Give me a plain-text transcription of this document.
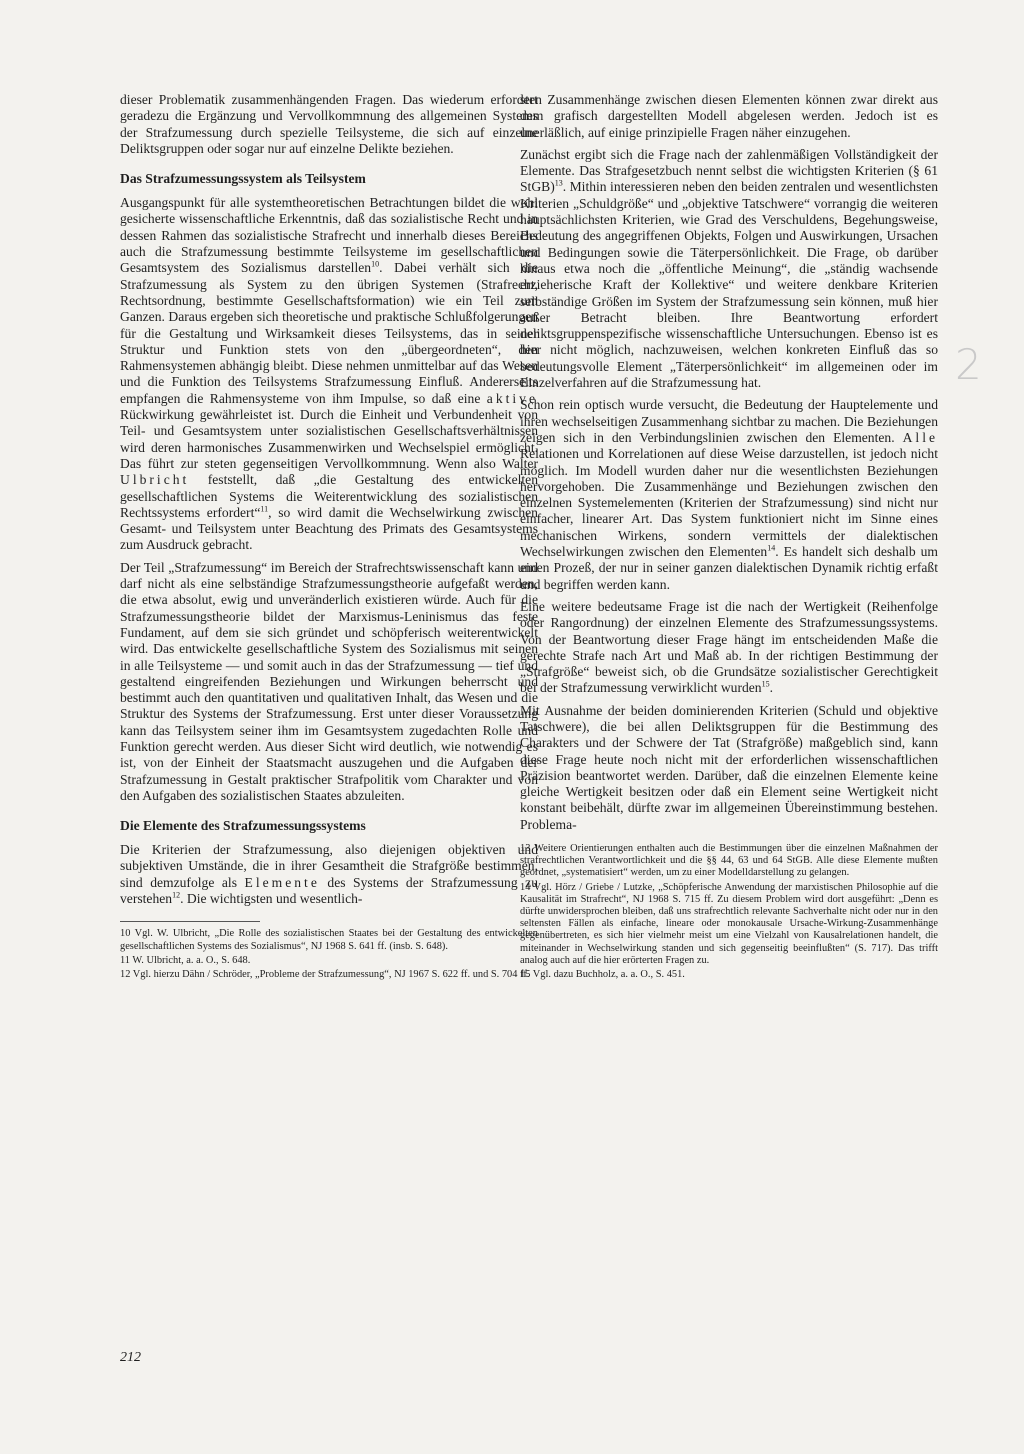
dieser Problematik zusammenhängenden Fragen. Das wiederum erfordert geradezu die Ergänzung und Vervollkommnung des allgemeinen Systems der Strafzumessung durch spezielle Teilsysteme, die sich auf einzelne Deliktsgruppen oder sogar nur auf einzelne Delikte beziehen.

Das Strafzumessungssystem als Teilsystem

Ausgangspunkt für alle systemtheoretischen Betrachtungen bildet die wohl gesicherte wissenschaftliche Erkenntnis, daß das sozialistische Recht und in dessen Rahmen das sozialistische Strafrecht und innerhalb dieses Bereichs auch die Strafzumessung bestimmte Teilsysteme im gesellschaftlichen Gesamtsystem des Sozialismus darstellen$^{10}$. Dabei verhält sich die Strafzumessung als System zu den übrigen Systemen (Strafrecht, Rechtsordnung, bestimmte Gesellschaftsformation) wie ein Teil zum Ganzen. Daraus ergeben sich theoretische und praktische Schlußfolgerungen für die Gestaltung und Wirksamkeit dieses Teilsystems, das in seiner Struktur und Funktion stets von den „übergeordneten“, den Rahmensystemen abhängig bleibt. Diese nehmen unmittelbar auf das Wesen und die Funktion des Teilsystems Strafzumessung Einfluß. Andererseits empfangen die Rahmensysteme von ihm Impulse, so daß eine aktive Rückwirkung gewährleistet ist. Durch die Einheit und Verbundenheit von Teil- und Gesamtsystem unter sozialistischen Gesellschaftsverhältnissen wird deren harmonisches Zusammenwirken und Wechselspiel ermöglicht. Das führt zur steten gegenseitigen Vervollkommnung. Wenn also Walter Ulbricht feststellt, daß „die Gestaltung des entwickelten gesellschaftlichen Systems die Weiterentwicklung des sozialistischen Rechtssystems erfordert“$^{11}$, so wird damit die Wechselwirkung zwischen Gesamt- und Teilsystem unter Beachtung des Primats des Gesamtsystems zum Ausdruck gebracht.

Der Teil „Strafzumessung“ im Bereich der Strafrechtswissenschaft kann und darf nicht als eine selbständige Strafzumessungstheorie aufgefaßt werden, die etwa absolut, ewig und unveränderlich existieren würde. Auch für die Strafzumessungstheorie bildet der Marxismus-Leninismus das feste Fundament, auf dem sie sich gründet und schöpferisch weiterentwickelt wird. Das entwickelte gesellschaftliche System des Sozialismus mit seinen in alle Teilsysteme — und somit auch in das der Strafzumessung — tief und gestaltend eingreifenden Beziehungen und Wirkungen beherrscht und bestimmt auch den quantitativen und qualitativen Inhalt, das Wesen und die Struktur des Systems der Strafzumessung. Erst unter dieser Voraussetzung kann das Teilsystem seiner ihm im Gesamtsystem zugedachten Rolle und Funktion gerecht werden. Aus dieser Sicht wird deutlich, wie notwendig es ist, von der Einheit der Staatsmacht auszugehen und die Aufgaben der Strafzumessung in Gestalt praktischer Strafpolitik vom Charakter und von den Aufgaben des sozialistischen Staates abzuleiten.

Die Elemente des Strafzumessungssystems

Die Kriterien der Strafzumessung, also diejenigen objektiven und subjektiven Umstände, die in ihrer Gesamtheit die Strafgröße bestimmen, sind demzufolge als Elemente des Systems der Strafzumessung zu verstehen$^{12}$. Die wichtigsten und wesentlich-

10 Vgl. W. Ulbricht, „Die Rolle des sozialistischen Staates bei der Gestaltung des entwickelten gesellschaftlichen Systems des Sozialismus“, NJ 1968 S. 641 ff. (insb. S. 648).

11 W. Ulbricht, a. a. O., S. 648.

12 Vgl. hierzu Dähn / Schröder, „Probleme der Strafzumessung“, NJ 1967 S. 622 ff. und S. 704 ff.

sten Zusammenhänge zwischen diesen Elementen können zwar direkt aus dem grafisch dargestellten Modell abgelesen werden. Jedoch ist es unerläßlich, auf einige prinzipielle Fragen näher einzugehen.

Zunächst ergibt sich die Frage nach der zahlenmäßigen Vollständigkeit der Elemente. Das Strafgesetzbuch nennt selbst die wichtigsten Kriterien (§ 61 StGB)$^{13}$. Mithin interessieren neben den beiden zentralen und wesentlichsten Kriterien „Schuldgröße“ und „objektive Tatschwere“ vorrangig die weiteren hauptsächlichsten Kriterien, wie Grad des Verschuldens, Begehungsweise, Bedeutung des angegriffenen Objekts, Folgen und Auswirkungen, Ursachen und Bedingungen sowie die Täterpersönlichkeit. Die Frage, ob darüber hinaus etwa noch die „öffentliche Meinung“, die „ständig wachsende erzieherische Kraft der Kollektive“ und weitere denkbare Kriterien selbständige Größen im System der Strafzumessung sein können, muß hier außer Betracht bleiben. Ihre Beantwortung erfordert deliktsgruppenspezifische wissenschaftliche Untersuchungen. Ebenso ist es hier nicht möglich, nachzuweisen, welchen konkreten Einfluß das so bedeutungsvolle Element „Täterpersönlichkeit“ im allgemeinen oder im Einzelverfahren auf die Strafzumessung hat.

Schon rein optisch wurde versucht, die Bedeutung der Hauptelemente und ihren wechselseitigen Zusammenhang sichtbar zu machen. Die Beziehungen zeigen sich in den Verbindungslinien zwischen den Elementen. Alle Relationen und Korrelationen auf diese Weise darzustellen, ist jedoch nicht möglich. Im Modell wurden daher nur die wesentlichsten Beziehungen hervorgehoben. Die Zusammenhänge und Beziehungen zwischen den einzelnen Systemelementen (Kriterien der Strafzumessung) sind nicht nur einfacher, linearer Art. Das System funktioniert nicht im Sinne eines mechanischen Wirkens, sondern vermittels der dialektischen Wechselwirkungen zwischen den Elementen$^{14}$. Es handelt sich deshalb um einen Prozeß, der nur in seiner ganzen dialektischen Dynamik richtig erfaßt und begriffen werden kann.

Eine weitere bedeutsame Frage ist die nach der Wertigkeit (Reihenfolge oder Rangordnung) der einzelnen Elemente des Strafzumessungssystems. Von der Beantwortung dieser Frage hängt im entscheidenden Maße die gerechte Strafe nach Art und Maß ab. In der richtigen Bestimmung der „Strafgröße“ beweist sich, ob die Grundsätze sozialistischer Gerechtigkeit bei der Strafzumessung verwirklicht wurden$^{15}$.

Mit Ausnahme der beiden dominierenden Kriterien (Schuld und objektive Tatschwere), die bei allen Deliktsgruppen für die Bestimmung des Charakters und der Schwere der Tat (Strafgröße) maßgeblich sind, kann diese Frage heute noch nicht mit der erforderlichen wissenschaftlichen Präzision beantwortet werden. Darüber, daß die einzelnen Elemente keine gleiche Wertigkeit besitzen oder daß ein Element seine Wertigkeit nicht konstant beibehält, dürfte zwar im allgemeinen Übereinstimmung bestehen. Problema-

13 Weitere Orientierungen enthalten auch die Bestimmungen über die einzelnen Maßnahmen der strafrechtlichen Verantwortlichkeit und die §§ 44, 63 und 64 StGB. Alle diese Elemente mußten geordnet, „systematisiert“ werden, um zu einer Modelldarstellung zu gelangen.

14 Vgl. Hörz / Griebe / Lutzke, „Schöpferische Anwendung der marxistischen Philosophie auf die Kausalität im Strafrecht“, NJ 1968 S. 715 ff. Zu diesem Problem wird dort ausgeführt: „Denn es dürfte unwidersprochen bleiben, daß uns strafrechtlich relevante Sachverhalte nicht oder nur in den seltensten Fällen als einfache, lineare oder monokausale Ursache-Wirkung-Zusammenhänge gegenübertreten, es sich hier vielmehr meist um eine Vielzahl von Kausalrelationen handelt, die miteinander in Wechselwirkung standen und sich gegenseitig beeinflußten“ (S. 717). Das trifft analog auch auf die hier erörterten Fragen zu.

15 Vgl. dazu Buchholz, a. a. O., S. 451.

212
2
